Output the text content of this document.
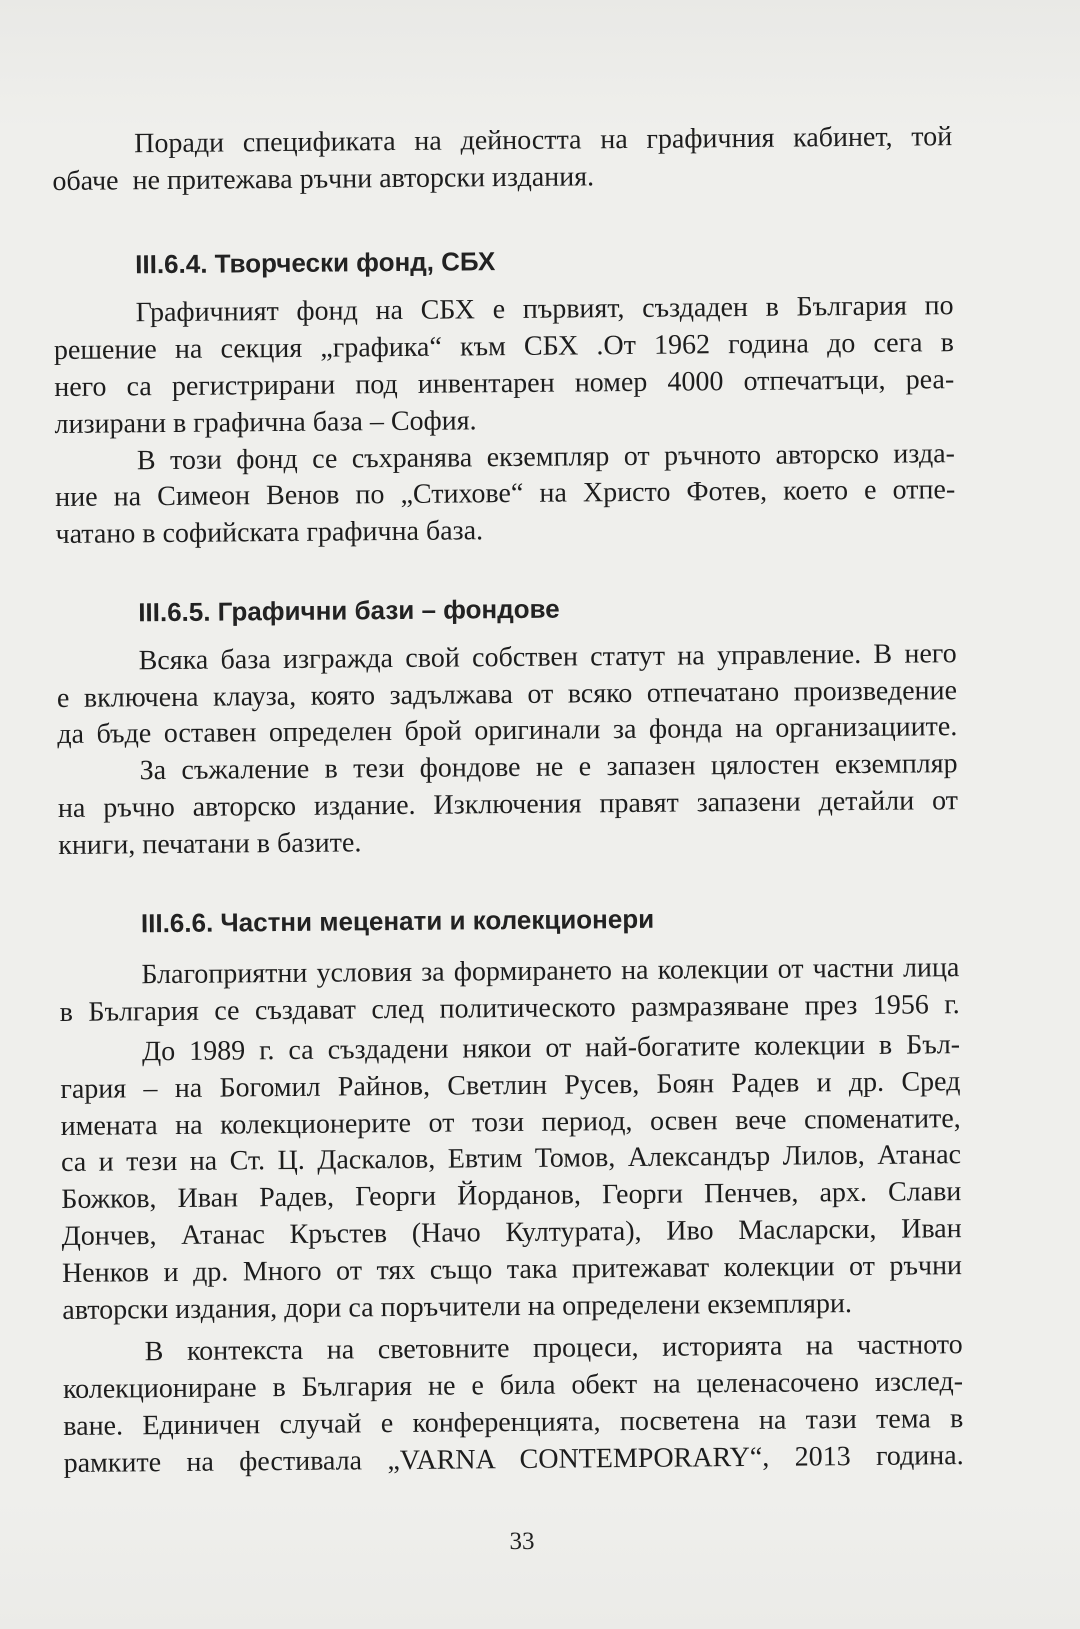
Поради спецификата на дейността на графичния кабинет, той
обаче  не притежава ръчни авторски издания.
III.6.4. Творчески фонд, СБХ
Графичният фонд на СБХ е първият, създаден в България по
решение на секция „графика“ към СБХ .От 1962 година до сега в
него са регистрирани под инвентарен номер 4000 отпечатъци, реа-
лизирани в графична база – София.
В този фонд се съхранява екземпляр от ръчното авторско изда-
ние на Симеон Венов по „Стихове“ на Христо Фотев, което е отпе-
чатано в софийската графична база.
III.6.5. Графични бази – фондове
Всяка база изгражда свой собствен статут на управление. В него
е включена клауза, която задължава от всяко отпечатано произведение
да бъде оставен определен брой оригинали за фонда на организациите.
За съжаление в тези фондове не е запазен цялостен екземпляр
на ръчно авторско издание. Изключения правят запазени детайли от
книги, печатани в базите.
III.6.6. Частни меценати и колекционери
Благоприятни условия за формирането на колекции от частни лица
в България се създават след политическото размразяване през 1956 г.
До 1989 г. са създадени някои от най-богатите колекции в Бъл-
гария – на Богомил Райнов, Светлин Русев, Боян Радев и др. Сред
имената на колекционерите от този период, освен вече споменатите,
са и тези на Ст. Ц. Даскалов, Евтим Томов, Александър Лилов, Атанас
Божков, Иван Радев, Георги Йорданов, Георги Пенчев, арх. Слави
Дончев, Атанас Кръстев (Начо Културата), Иво Масларски, Иван
Ненков и др. Много от тях също така притежават колекции от ръчни
авторски издания, дори са поръчители на определени екземпляри.
В контекста на световните процеси, историята на частното
колекциониране в България не е била обект на целенасочено изслед-
ване. Единичен случай е конференцията, посветена на тази тема в
рамките на фестивала „VARNA CONTEMPORARY“, 2013 година.
33
